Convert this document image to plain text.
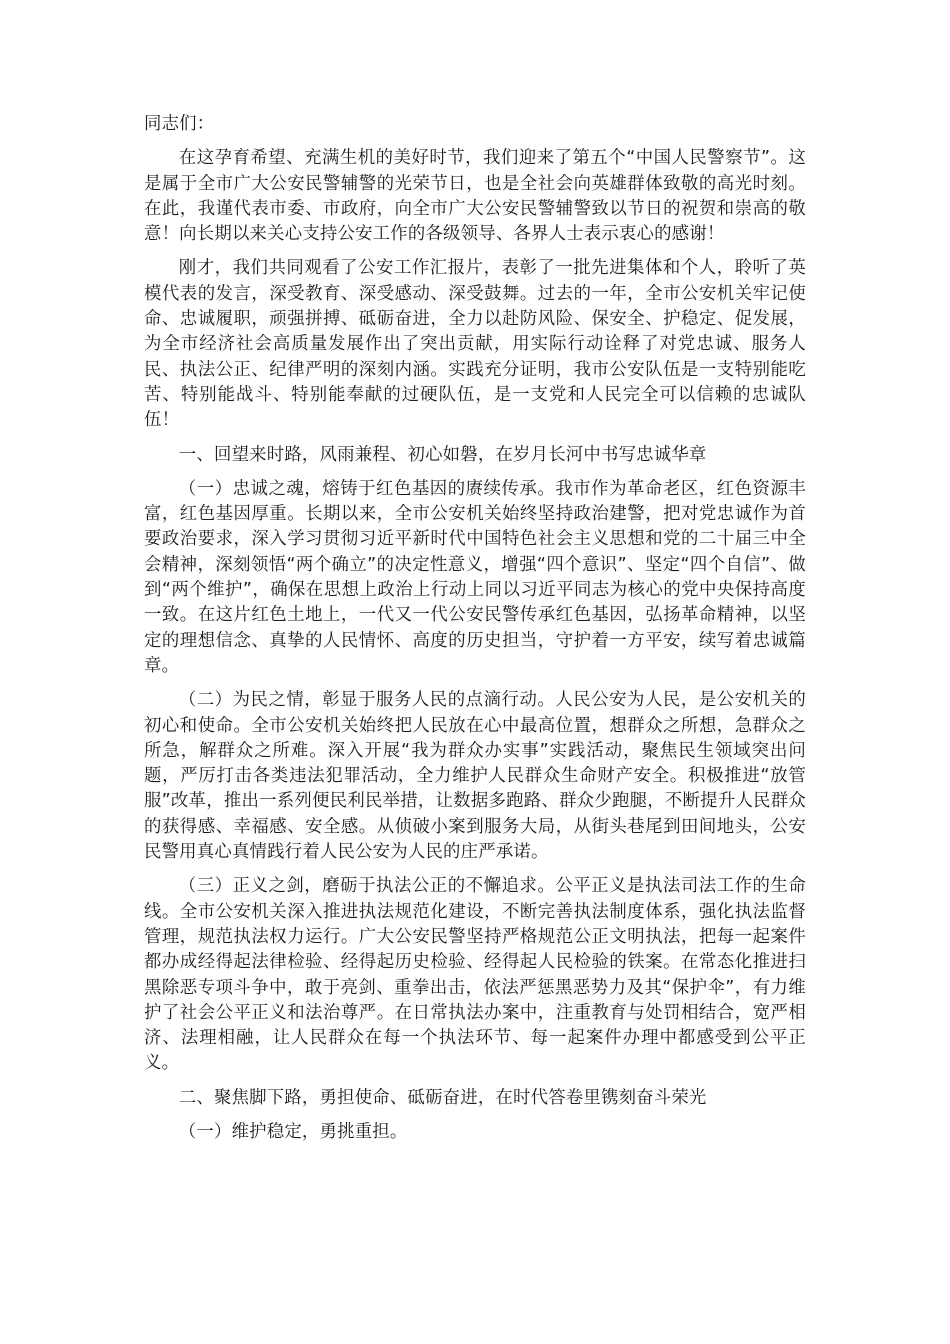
同志们：

在这孕育希望、充满生机的美好时节，我们迎来了第五个“中国人民警察节”。这是属于全市广大公安民警辅警的光荣节日，也是全社会向英雄群体致敬的高光时刻。在此，我谨代表市委、市政府，向全市广大公安民警辅警致以节日的祝贺和崇高的敬意！向长期以来关心支持公安工作的各级领导、各界人士表示衷心的感谢！

刚才，我们共同观看了公安工作汇报片，表彰了一批先进集体和个人，聆听了英模代表的发言，深受教育、深受感动、深受鼓舞。过去的一年，全市公安机关牢记使命、忠诚履职，顽强拼搏、砥砺奋进，全力以赴防风险、保安全、护稳定、促发展，为全市经济社会高质量发展作出了突出贡献，用实际行动诠释了对党忠诚、服务人民、执法公正、纪律严明的深刻内涵。实践充分证明，我市公安队伍是一支特别能吃苦、特别能战斗、特别能奉献的过硬队伍，是一支党和人民完全可以信赖的忠诚队伍！

一、回望来时路，风雨兼程、初心如磐，在岁月长河中书写忠诚华章

（一）忠诚之魂，熔铸于红色基因的赓续传承。我市作为革命老区，红色资源丰富，红色基因厚重。长期以来，全市公安机关始终坚持政治建警，把对党忠诚作为首要政治要求，深入学习贯彻习近平新时代中国特色社会主义思想和党的二十届三中全会精神，深刻领悟“两个确立”的决定性意义，增强“四个意识”、坚定“四个自信”、做到“两个维护”，确保在思想上政治上行动上同以习近平同志为核心的党中央保持高度一致。在这片红色土地上，一代又一代公安民警传承红色基因，弘扬革命精神，以坚定的理想信念、真挚的人民情怀、高度的历史担当，守护着一方平安，续写着忠诚篇章。

（二）为民之情，彰显于服务人民的点滴行动。人民公安为人民，是公安机关的初心和使命。全市公安机关始终把人民放在心中最高位置，想群众之所想，急群众之所急，解群众之所难。深入开展“我为群众办实事”实践活动，聚焦民生领域突出问题，严厉打击各类违法犯罪活动，全力维护人民群众生命财产安全。积极推进“放管服”改革，推出一系列便民利民举措，让数据多跑路、群众少跑腿，不断提升人民群众的获得感、幸福感、安全感。从侦破小案到服务大局，从街头巷尾到田间地头，公安民警用真心真情践行着人民公安为人民的庄严承诺。

（三）正义之剑，磨砺于执法公正的不懈追求。公平正义是执法司法工作的生命线。全市公安机关深入推进执法规范化建设，不断完善执法制度体系，强化执法监督管理，规范执法权力运行。广大公安民警坚持严格规范公正文明执法，把每一起案件都办成经得起法律检验、经得起历史检验、经得起人民检验的铁案。在常态化推进扫黑除恶专项斗争中，敢于亮剑、重拳出击，依法严惩黑恶势力及其“保护伞”，有力维护了社会公平正义和法治尊严。在日常执法办案中，注重教育与处罚相结合，宽严相济、法理相融，让人民群众在每一个执法环节、每一起案件办理中都感受到公平正义。

二、聚焦脚下路，勇担使命、砥砺奋进，在时代答卷里镌刻奋斗荣光

（一）维护稳定，勇挑重担。
